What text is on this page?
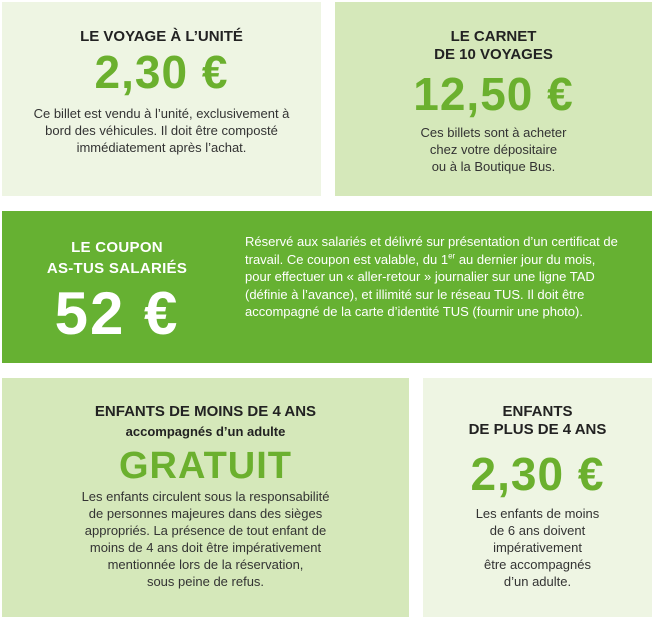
LE VOYAGE À L’UNITÉ
2,30 €
Ce billet est vendu à l’unité, exclusivement à bord des véhicules. Il doit être composté immédiatement après l’achat.
LE CARNET
DE 10 VOYAGES
12,50 €
Ces billets sont à acheter
chez votre dépositaire
ou à la Boutique Bus.
LE COUPON
AS-TUS SALARIÉS
52 €
Réservé aux salariés et délivré sur présentation d’un certificat de travail. Ce coupon est valable, du 1er au dernier jour du mois, pour effectuer un « aller-retour » journalier sur une ligne TAD (définie à l’avance), et illimité sur le réseau TUS. Il doit être accompagné de la carte d’identité TUS (fournir une photo).
ENFANTS DE MOINS DE 4 ANS
accompagnés d’un adulte
GRATUIT
Les enfants circulent sous la responsabilité
de personnes majeures dans des sièges
appropriés. La présence de tout enfant de
moins de 4 ans doit être impérativement
mentionnée lors de la réservation,
sous peine de refus.
ENFANTS
DE PLUS DE 4 ANS
2,30 €
Les enfants de moins
de 6 ans doivent
impérativement
être accompagnés
d’un adulte.
